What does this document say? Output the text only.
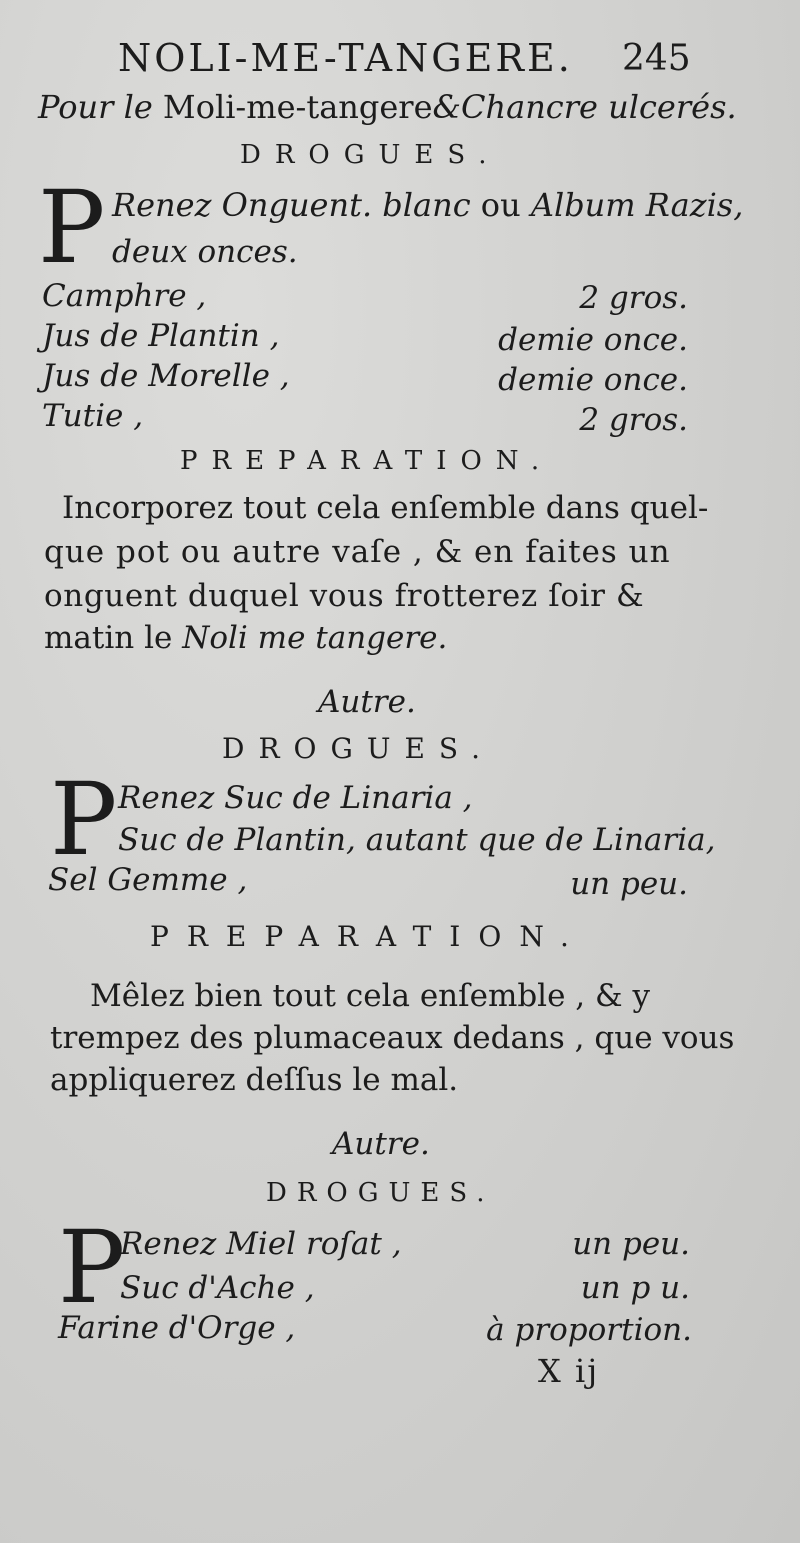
NOLI-ME-TANGERE. 245
Pour le Moli-me-tangere&Chancre ulcerés.
DROGUES.
P Renez Onguent. blanc ou Album Razis,
deux onces.
Camphre ,	2 gros.
Jus de Plantin ,	demie once.
Jus de Morelle ,	demie once.
Tutie ,	2 gros.
PREPARATION.
Incorporez tout cela enſemble dans quel-
que pot ou autre vaſe , & en faites un
onguent duquel vous frotterez ſoir &
matin le Noli me tangere.
Autre.
DROGUES.
P Renez Suc de Linaria ,
Suc de Plantin, autant que de Linaria,
Sel Gemme ,	un peu.
PREPARATION.
Mêlez bien tout cela enſemble , & y
trempez des plumaceaux dedans , que vous
appliquerez deſſus le mal.
Autre.
DROGUES.
P
Renez Miel roſat ,	un peu.
Suc d'Ache ,	un p u.
Farine d'Orge ,	à proportion.
X ij
